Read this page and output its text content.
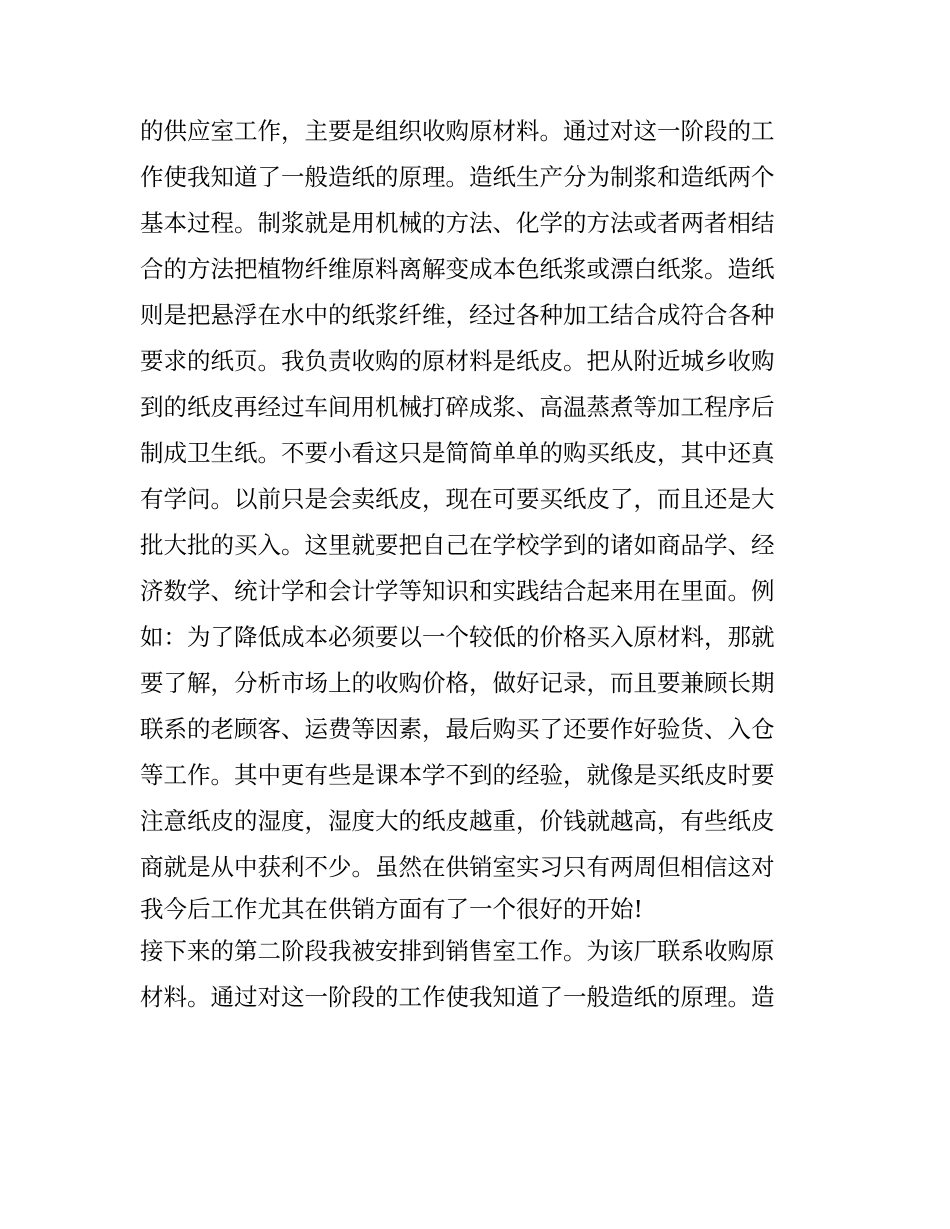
的供应室工作，主要是组织收购原材料。通过对这一阶段的工
作使我知道了一般造纸的原理。造纸生产分为制浆和造纸两个
基本过程。制浆就是用机械的方法、化学的方法或者两者相结
合的方法把植物纤维原料离解变成本色纸浆或漂白纸浆。造纸
则是把悬浮在水中的纸浆纤维，经过各种加工结合成符合各种
要求的纸页。我负责收购的原材料是纸皮。把从附近城乡收购
到的纸皮再经过车间用机械打碎成浆、高温蒸煮等加工程序后
制成卫生纸。不要小看这只是简简单单的购买纸皮，其中还真
有学问。以前只是会卖纸皮，现在可要买纸皮了，而且还是大
批大批的买入。这里就要把自己在学校学到的诸如商品学、经
济数学、统计学和会计学等知识和实践结合起来用在里面。例
如：为了降低成本必须要以一个较低的价格买入原材料，那就
要了解，分析市场上的收购价格，做好记录，而且要兼顾长期
联系的老顾客、运费等因素，最后购买了还要作好验货、入仓
等工作。其中更有些是课本学不到的经验，就像是买纸皮时要
注意纸皮的湿度，湿度大的纸皮越重，价钱就越高，有些纸皮
商就是从中获利不少。虽然在供销室实习只有两周但相信这对
我今后工作尤其在供销方面有了一个很好的开始!
接下来的第二阶段我被安排到销售室工作。为该厂联系收购原
材料。通过对这一阶段的工作使我知道了一般造纸的原理。造
